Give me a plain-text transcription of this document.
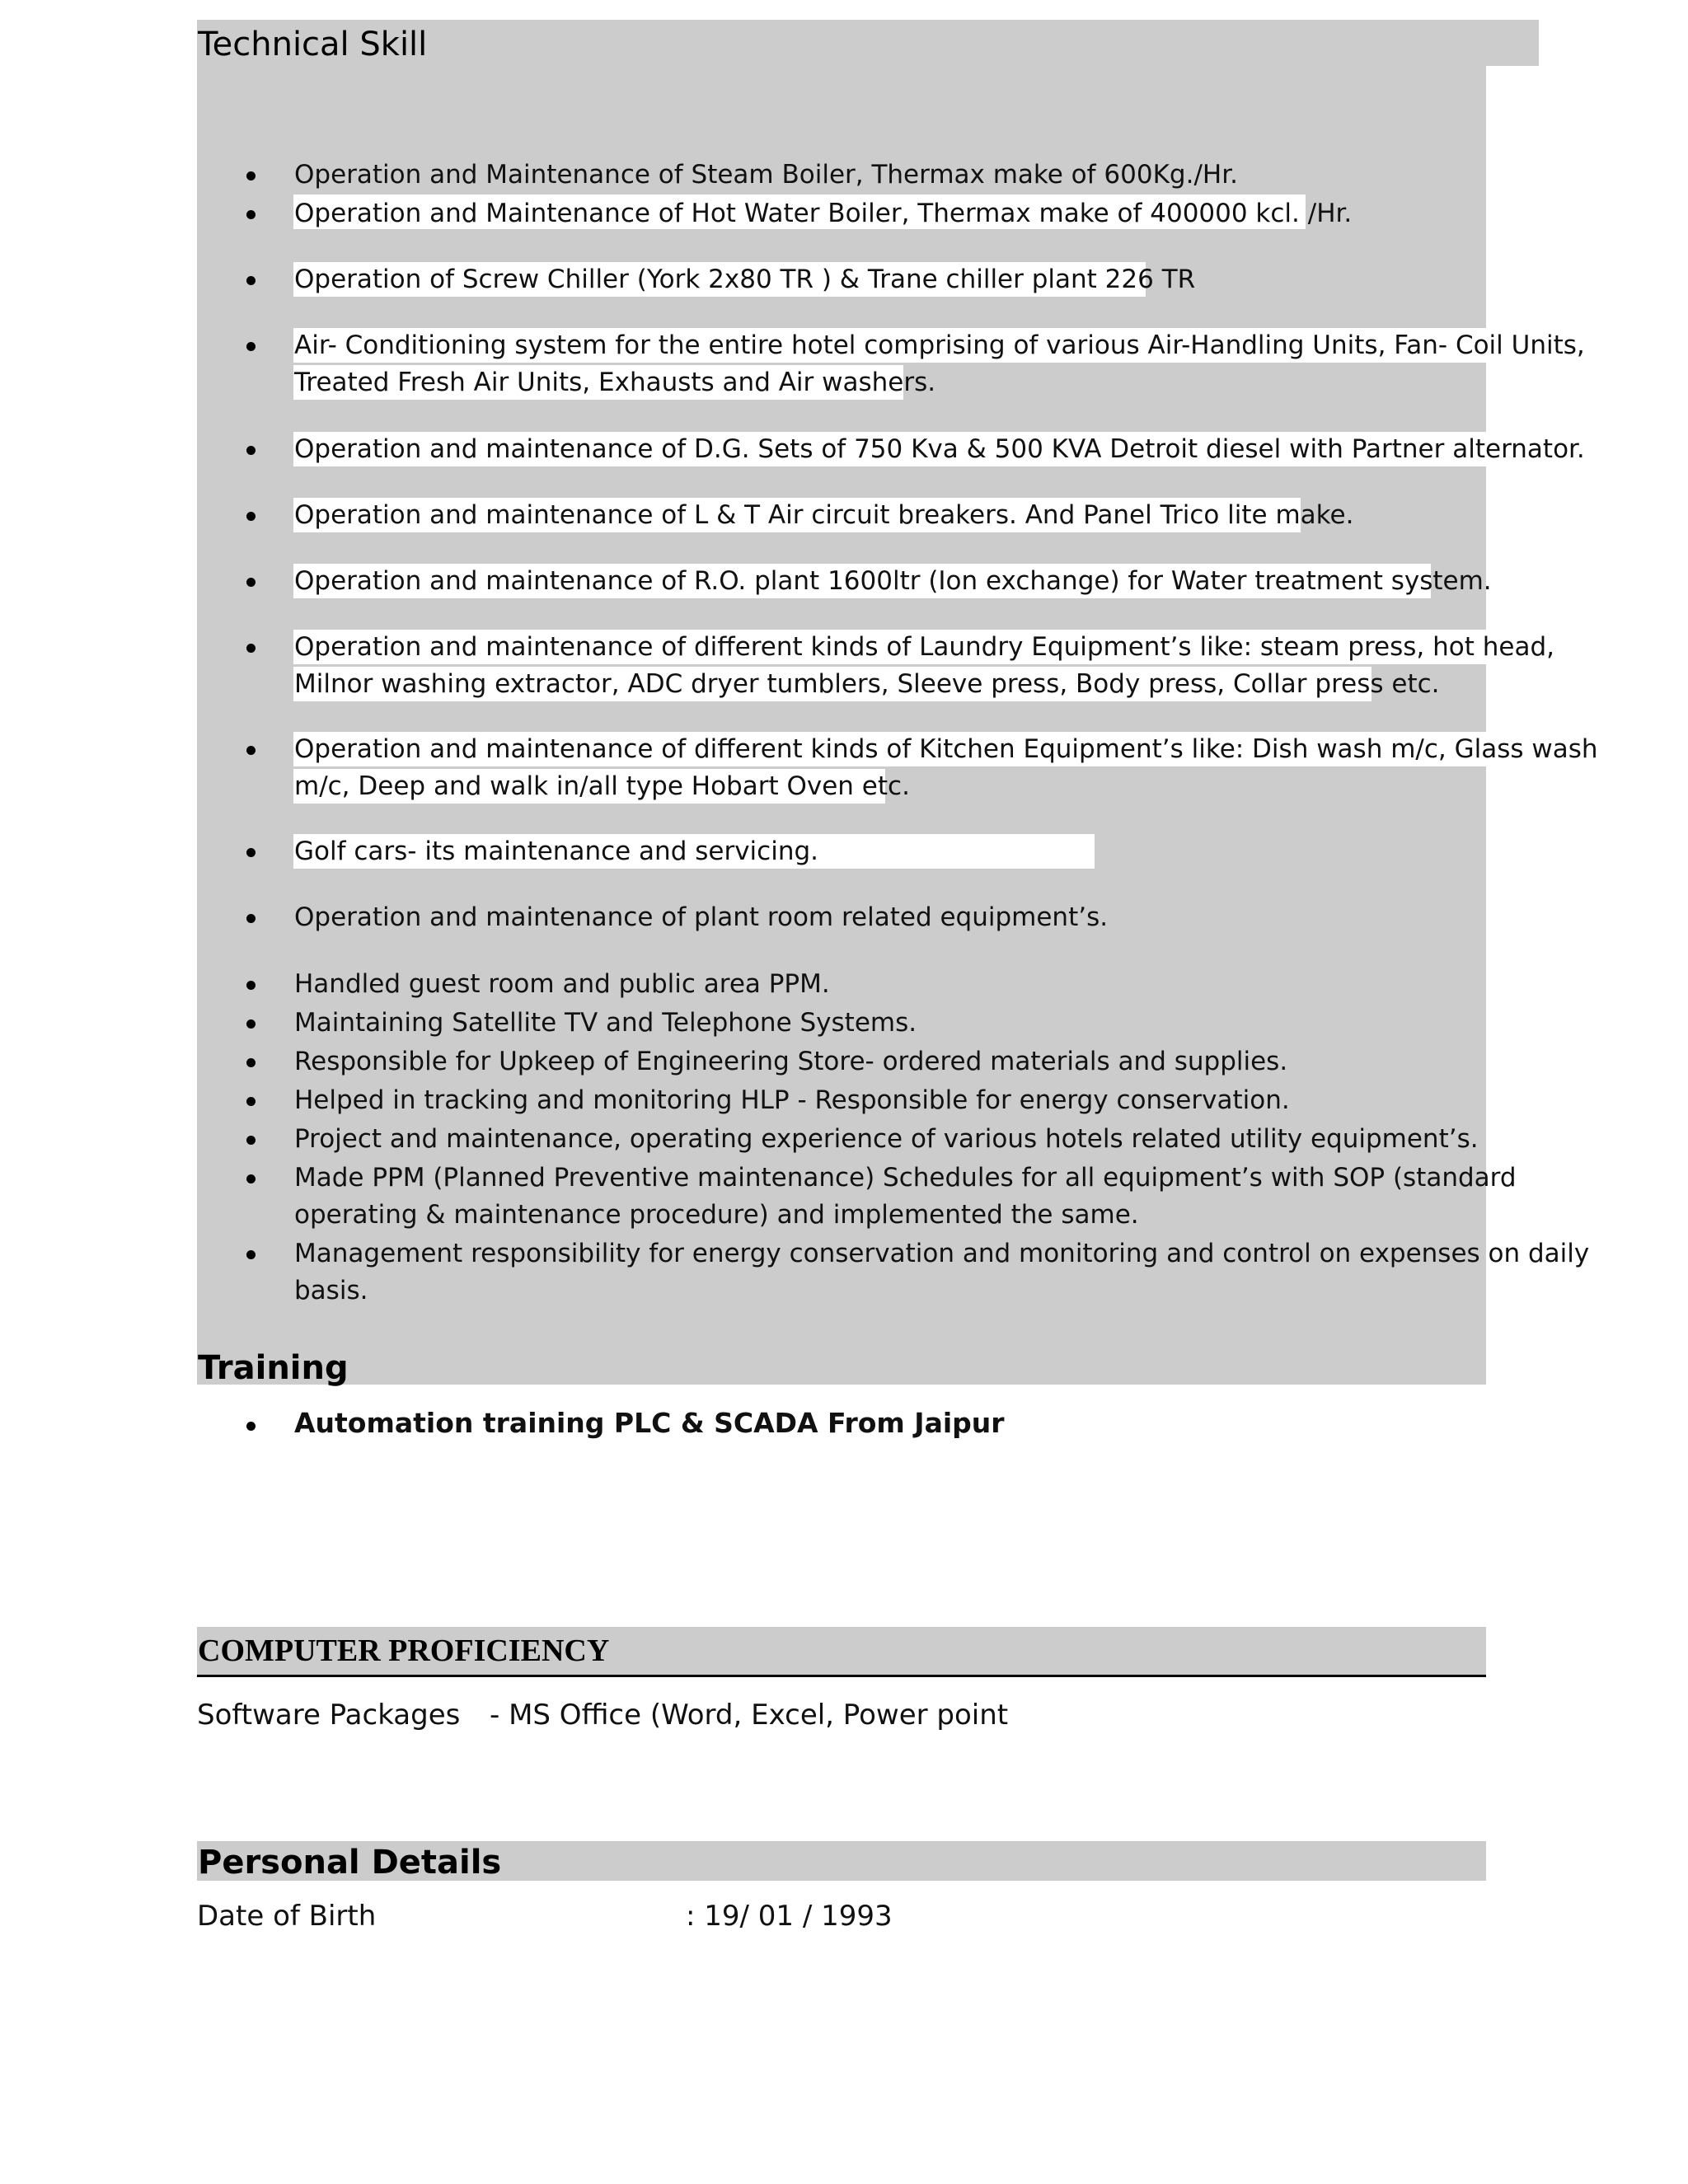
Technical Skill
Operation and Maintenance of Steam Boiler, Thermax make of 600Kg./Hr.
Operation and Maintenance of Hot Water Boiler, Thermax make of 400000 kcl. /Hr.
Operation of Screw Chiller (York 2x80 TR ) & Trane chiller plant 226 TR
Air- Conditioning system for the entire hotel comprising of various Air-Handling Units, Fan- Coil Units,
Treated Fresh Air Units, Exhausts and Air washers.
Operation and maintenance of D.G. Sets of 750 Kva & 500 KVA Detroit diesel with Partner alternator.
Operation and maintenance of L & T Air circuit breakers. And Panel Trico lite make.
Operation and maintenance of R.O. plant 1600ltr (Ion exchange) for Water treatment system.
Operation and maintenance of different kinds of Laundry Equipment’s like: steam press, hot head,
Milnor washing extractor, ADC dryer tumblers, Sleeve press, Body press, Collar press etc.
Operation and maintenance of different kinds of Kitchen Equipment’s like: Dish wash m/c, Glass wash
m/c, Deep and walk in/all type Hobart Oven etc.
Golf cars- its maintenance and servicing.
Operation and maintenance of plant room related equipment’s.
Handled guest room and public area PPM.
Maintaining Satellite TV and Telephone Systems.
Responsible for Upkeep of Engineering Store- ordered materials and supplies.
Helped in tracking and monitoring HLP - Responsible for energy conservation.
Project and maintenance, operating experience of various hotels related utility equipment’s.
Made PPM (Planned Preventive maintenance) Schedules for all equipment’s with SOP (standard
operating & maintenance procedure) and implemented the same.
Management responsibility for energy conservation and monitoring and control on expenses on daily
basis.
Training
Automation training PLC & SCADA From Jaipur
COMPUTER PROFICIENCY
Software Packages - MS Office (Word, Excel, Power point
Personal Details
Date of Birth	: 19/ 01 / 1993
